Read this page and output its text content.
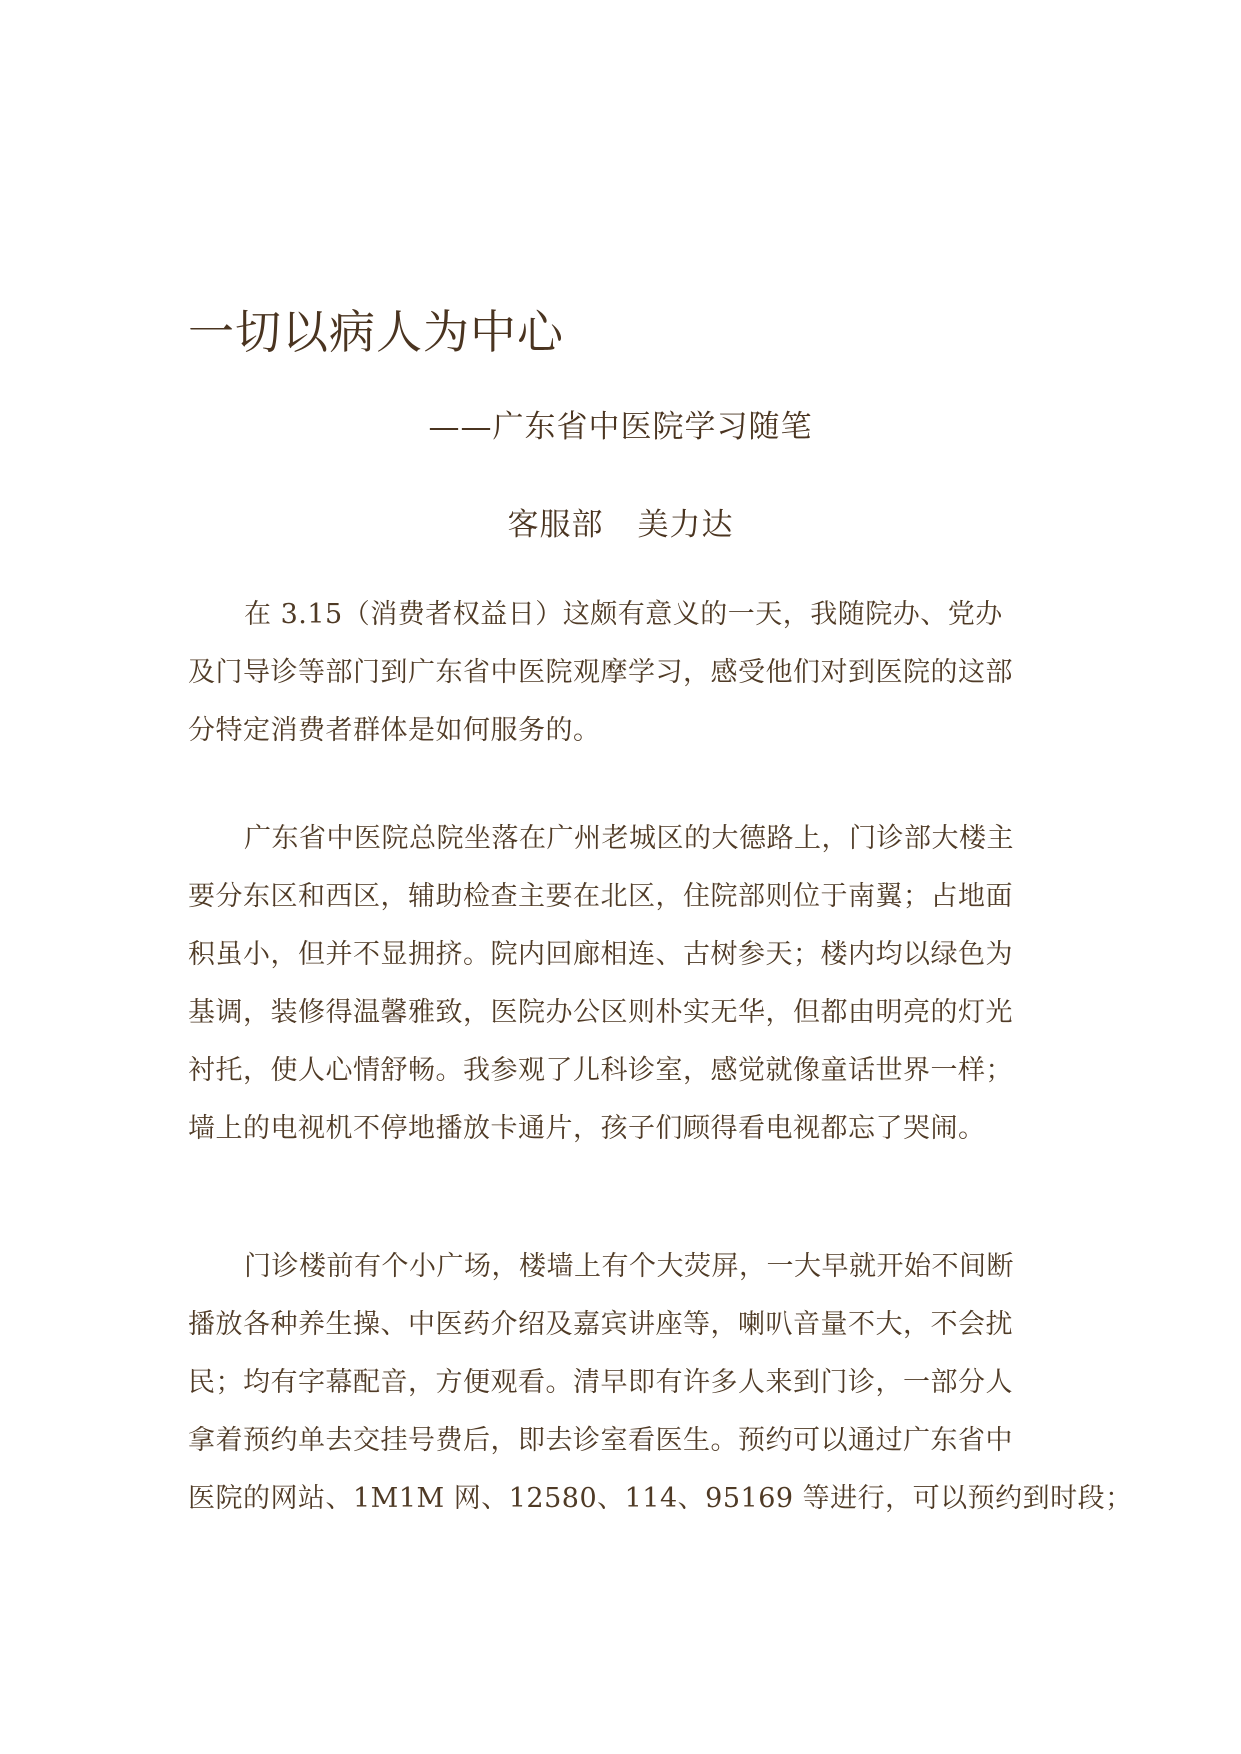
一切以病人为中心
——广东省中医院学习随笔
客服部 美力达
在 3.15（消费者权益日）这颇有意义的一天，我随院办、党办
及门导诊等部门到广东省中医院观摩学习，感受他们对到医院的这部
分特定消费者群体是如何服务的。
广东省中医院总院坐落在广州老城区的大德路上，门诊部大楼主
要分东区和西区，辅助检查主要在北区，住院部则位于南翼；占地面
积虽小，但并不显拥挤。院内回廊相连、古树参天；楼内均以绿色为
基调，装修得温馨雅致，医院办公区则朴实无华，但都由明亮的灯光
衬托，使人心情舒畅。我参观了儿科诊室，感觉就像童话世界一样；
墙上的电视机不停地播放卡通片，孩子们顾得看电视都忘了哭闹。
门诊楼前有个小广场，楼墙上有个大荧屏，一大早就开始不间断
播放各种养生操、中医药介绍及嘉宾讲座等，喇叭音量不大，不会扰
民；均有字幕配音，方便观看。清早即有许多人来到门诊，一部分人
拿着预约单去交挂号费后，即去诊室看医生。预约可以通过广东省中
医院的网站、1M1M 网、12580、114、95169 等进行，可以预约到时段；
